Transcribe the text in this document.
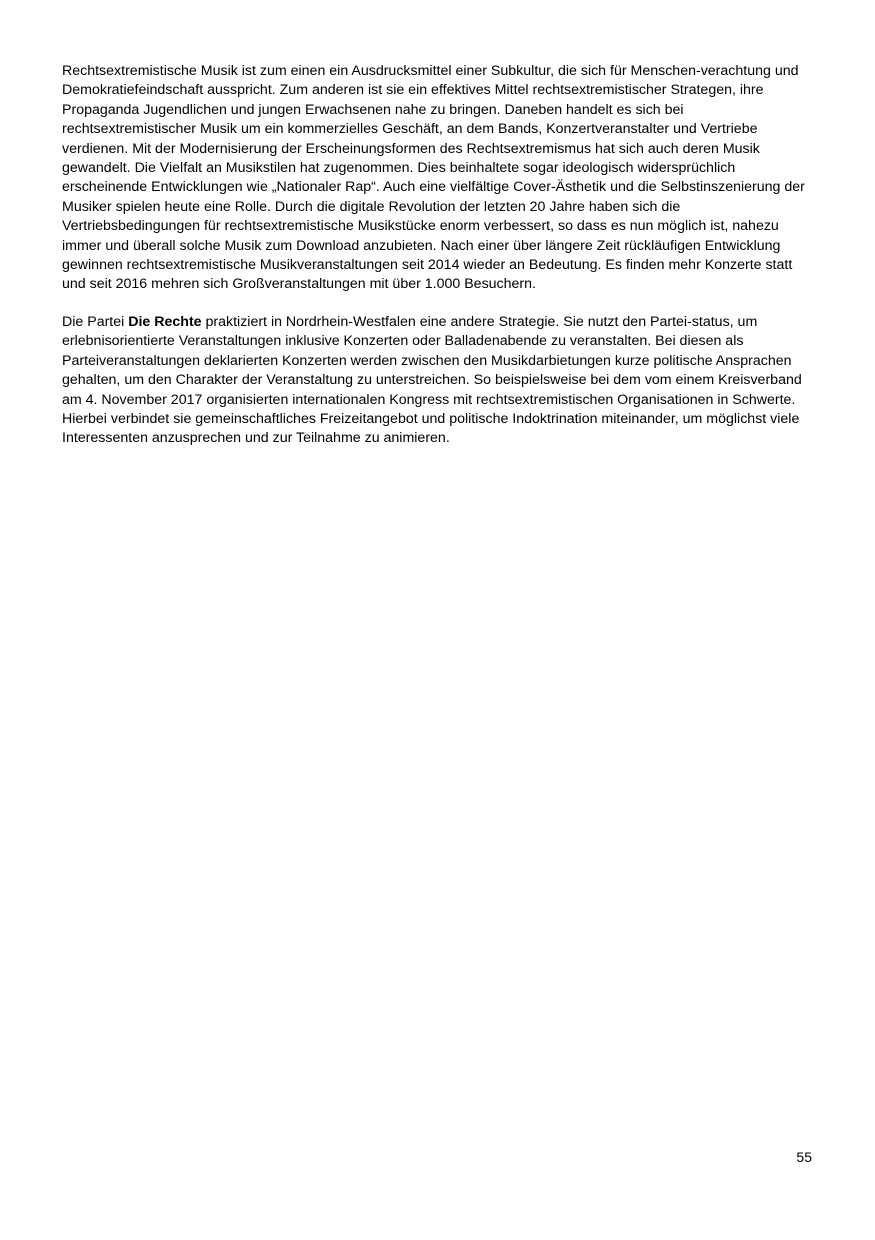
Rechtsextremistische Musik ist zum einen ein Ausdrucksmittel einer Subkultur, die sich für Menschen-verachtung und Demokratiefeindschaft ausspricht. Zum anderen ist sie ein effektives Mittel rechtsextremistischer Strategen, ihre Propaganda Jugendlichen und jungen Erwachsenen nahe zu bringen. Daneben handelt es sich bei rechtsextremistischer Musik um ein kommerzielles Geschäft, an dem Bands, Konzertveranstalter und Vertriebe verdienen. Mit der Modernisierung der Erscheinungsformen des Rechtsextremismus hat sich auch deren Musik gewandelt. Die Vielfalt an Musikstilen hat zugenommen. Dies beinhaltete sogar ideologisch widersprüchlich erscheinende Entwicklungen wie „Nationaler Rap“. Auch eine vielfältige Cover-Ästhetik und die Selbstinszenierung der Musiker spielen heute eine Rolle. Durch die digitale Revolution der letzten 20 Jahre haben sich die Vertriebsbedingungen für rechtsextremistische Musikstücke enorm verbessert, so dass es nun möglich ist, nahezu immer und überall solche Musik zum Download anzubieten. Nach einer über längere Zeit rückläufigen Entwicklung gewinnen rechtsextremistische Musikveranstaltungen seit 2014 wieder an Bedeutung. Es finden mehr Konzerte statt und seit 2016 mehren sich Großveranstaltungen mit über 1.000 Besuchern.

Die Partei Die Rechte praktiziert in Nordrhein-Westfalen eine andere Strategie. Sie nutzt den Partei-status, um erlebnisorientierte Veranstaltungen inklusive Konzerten oder Balladenabende zu veranstalten. Bei diesen als Parteiveranstaltungen deklarierten Konzerten werden zwischen den Musikdarbietungen kurze politische Ansprachen gehalten, um den Charakter der Veranstaltung zu unterstreichen. So beispielsweise bei dem vom einem Kreisverband am 4. November 2017 organisierten internationalen Kongress mit rechtsextremistischen Organisationen in Schwerte. Hierbei verbindet sie gemeinschaftliches Freizeitangebot und politische Indoktrination miteinander, um möglichst viele Interessenten anzusprechen und zur Teilnahme zu animieren.

55
